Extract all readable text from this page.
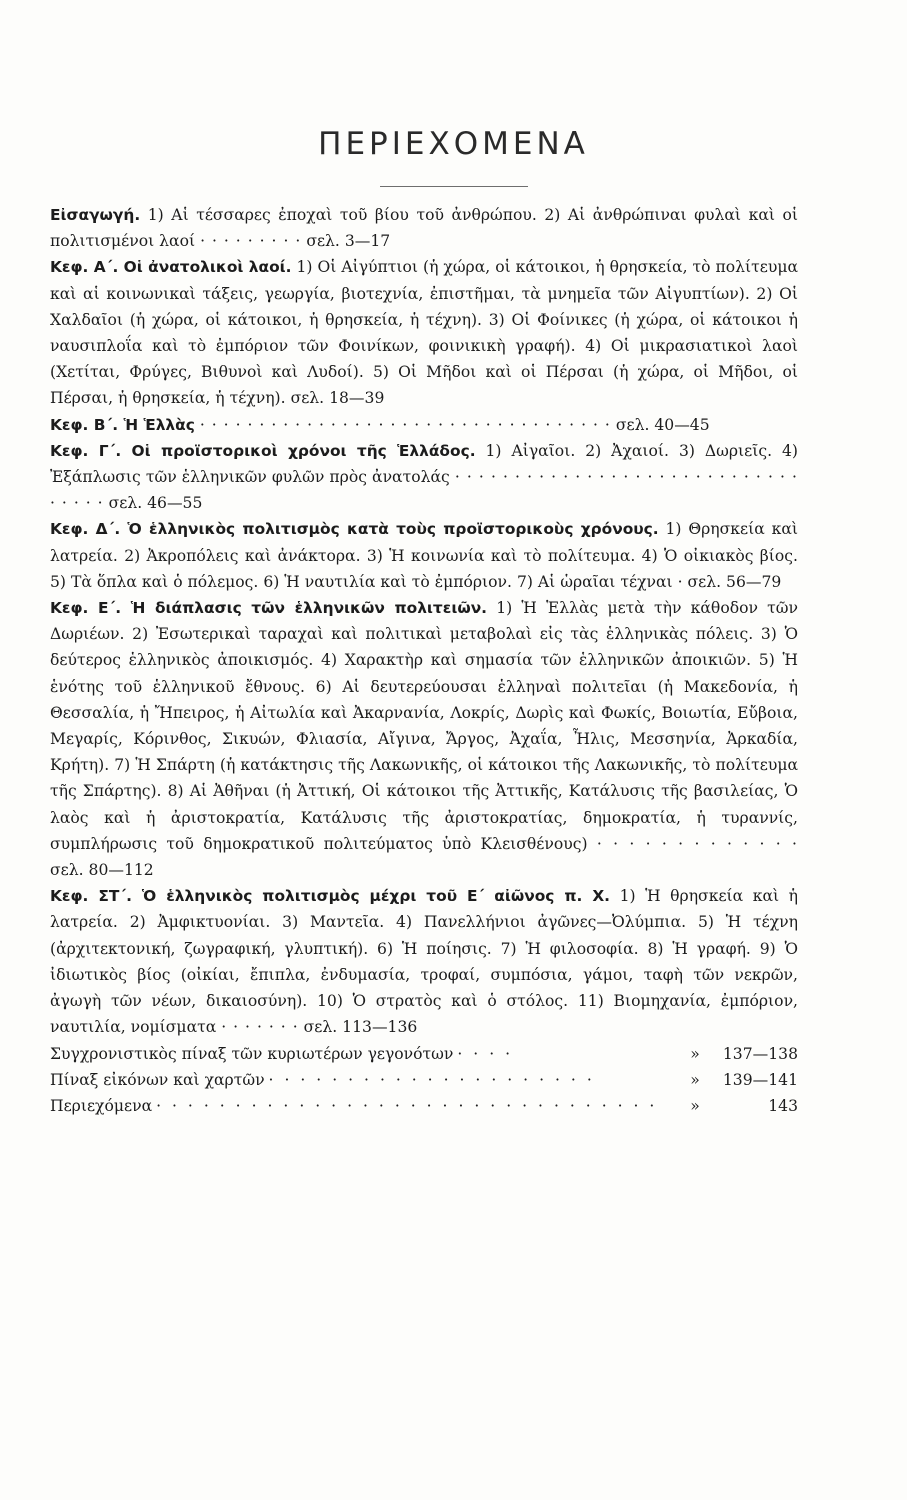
ΠΕΡΙΕΧΟΜΕΝΑ

Εἰσαγωγή. 1) Αἱ τέσσαρες ἐποχαὶ τοῦ βίου τοῦ ἀνθρώπου. 2) Αἱ ἀνθρώπιναι φυλαὶ καὶ οἱ πολιτισμένοι λαοί · · · · · · · · · σελ. 3—17

Κεφ. Α΄. Οἱ ἀνατολικοὶ λαοί. 1) Οἱ Αἰγύπτιοι (ἡ χώρα, οἱ κάτοικοι, ἡ θρησκεία, τὸ πολίτευμα καὶ αἱ κοινωνικαὶ τάξεις, γεωργία, βιοτεχνία, ἐπιστῆμαι, τὰ μνημεῖα τῶν Αἰγυπτίων). 2) Οἱ Χαλδαῖοι (ἡ χώρα, οἱ κάτοικοι, ἡ θρησκεία, ἡ τέχνη). 3) Οἱ Φοίνικες (ἡ χώρα, οἱ κάτοικοι ἡ ναυσιπλοΐα καὶ τὸ ἐμπόριον τῶν Φοινίκων, φοινικικὴ γραφή). 4) Οἱ μικρασιατικοὶ λαοὶ (Χετίται, Φρύγες, Βιθυνοὶ καὶ Λυδοί). 5) Οἱ Μῆδοι καὶ οἱ Πέρσαι (ἡ χώρα, οἱ Μῆδοι, οἱ Πέρσαι, ἡ θρησκεία, ἡ τέχνη). σελ. 18—39

Κεφ. Β΄. Ἡ Ἑλλὰς · · · · · · · · · · · · · · · · · · · · · · · · · · · · · · · · · · · σελ. 40—45

Κεφ. Γ΄. Οἱ προϊστορικοὶ χρόνοι τῆς Ἑλλάδος. 1) Αἰγαῖοι. 2) Ἀχαιοί. 3) Δωριεῖς. 4) Ἐξάπλωσις τῶν ἑλληνικῶν φυλῶν πρὸς ἀνατολάς · · · · · · · · · · · · · · · · · · · · · · · · · · · · · · · · · · σελ. 46—55

Κεφ. Δ΄. Ὁ ἑλληνικὸς πολιτισμὸς κατὰ τοὺς προϊστορικοὺς χρόνους. 1) Θρησκεία καὶ λατρεία. 2) Ἀκροπόλεις καὶ ἀνάκτορα. 3) Ἡ κοινωνία καὶ τὸ πολίτευμα. 4) Ὁ οἰκιακὸς βίος. 5) Τὰ ὅπλα καὶ ὁ πόλεμος. 6) Ἡ ναυτιλία καὶ τὸ ἐμπόριον. 7) Αἱ ὡραῖαι τέχναι · σελ. 56—79

Κεφ. Ε΄. Ἡ διάπλασις τῶν ἑλληνικῶν πολιτειῶν. 1) Ἡ Ἑλλὰς μετὰ τὴν κάθοδον τῶν Δωριέων. 2) Ἐσωτερικαὶ ταραχαὶ καὶ πολιτικαὶ μεταβολαὶ εἰς τὰς ἑλληνικὰς πόλεις. 3) Ὁ δεύτερος ἑλληνικὸς ἀποικισμός. 4) Χαρακτὴρ καὶ σημασία τῶν ἑλληνικῶν ἀποικιῶν. 5) Ἡ ἑνότης τοῦ ἑλληνικοῦ ἔθνους. 6) Αἱ δευτερεύουσαι ἑλληναὶ πολιτεῖαι (ἡ Μακεδονία, ἡ Θεσσαλία, ἡ Ἤπειρος, ἡ Αἰτωλία καὶ Ἀκαρνανία, Λοκρίς, Δωρὶς καὶ Φωκίς, Βοιωτία, Εὔβοια, Μεγαρίς, Κόρινθος, Σικυών, Φλιασία, Αἴγινα, Ἄργος, Ἀχαΐα, Ἦλις, Μεσσηνία, Ἀρκαδία, Κρήτη). 7) Ἡ Σπάρτη (ἡ κατάκτησις τῆς Λακωνικῆς, οἱ κάτοικοι τῆς Λακωνικῆς, τὸ πολίτευμα τῆς Σπάρτης). 8) Αἱ Ἀθῆναι (ἡ Ἀττική, Οἱ κάτοικοι τῆς Ἀττικῆς, Κατάλυσις τῆς βασιλείας, Ὁ λαὸς καὶ ἡ ἀριστοκρατία, Κατάλυσις τῆς ἀριστοκρατίας, δημοκρατία, ἡ τυραννίς, συμπλήρωσις τοῦ δημοκρατικοῦ πολιτεύματος ὑπὸ Κλεισθένους) · · · · · · · · · · · · · σελ. 80—112

Κεφ. ΣΤ΄. Ὁ ἑλληνικὸς πολιτισμὸς μέχρι τοῦ Ε΄ αἰῶνος π. Χ. 1) Ἡ θρησκεία καὶ ἡ λατρεία. 2) Ἀμφικτυονίαι. 3) Μαντεῖα. 4) Πανελλήνιοι ἀγῶνες—Ὀλύμπια. 5) Ἡ τέχνη (ἀρχιτεκτονική, ζωγραφική, γλυπτική). 6) Ἡ ποίησις. 7) Ἡ φιλοσοφία. 8) Ἡ γραφή. 9) Ὁ ἰδιωτικὸς βίος (οἰκίαι, ἔπιπλα, ἐνδυμασία, τροφαί, συμπόσια, γάμοι, ταφὴ τῶν νεκρῶν, ἀγωγὴ τῶν νέων, δικαιοσύνη). 10) Ὁ στρατὸς καὶ ὁ στόλος. 11) Βιομηχανία, ἐμπόριον, ναυτιλία, νομίσματα · · · · · · · σελ. 113—136

Συγχρονιστικὸς πίναξ τῶν κυριωτέρων γεγονότων · · · ·	»	137—138
Πίναξ εἰκόνων καὶ χαρτῶν · · · · · · · · · · · · · · · · · · · · ·	»	139—141
Περιεχόμενα · · · · · · · · · · · · · · · · · · · · · · · · · · · · · · · ·	»	143
